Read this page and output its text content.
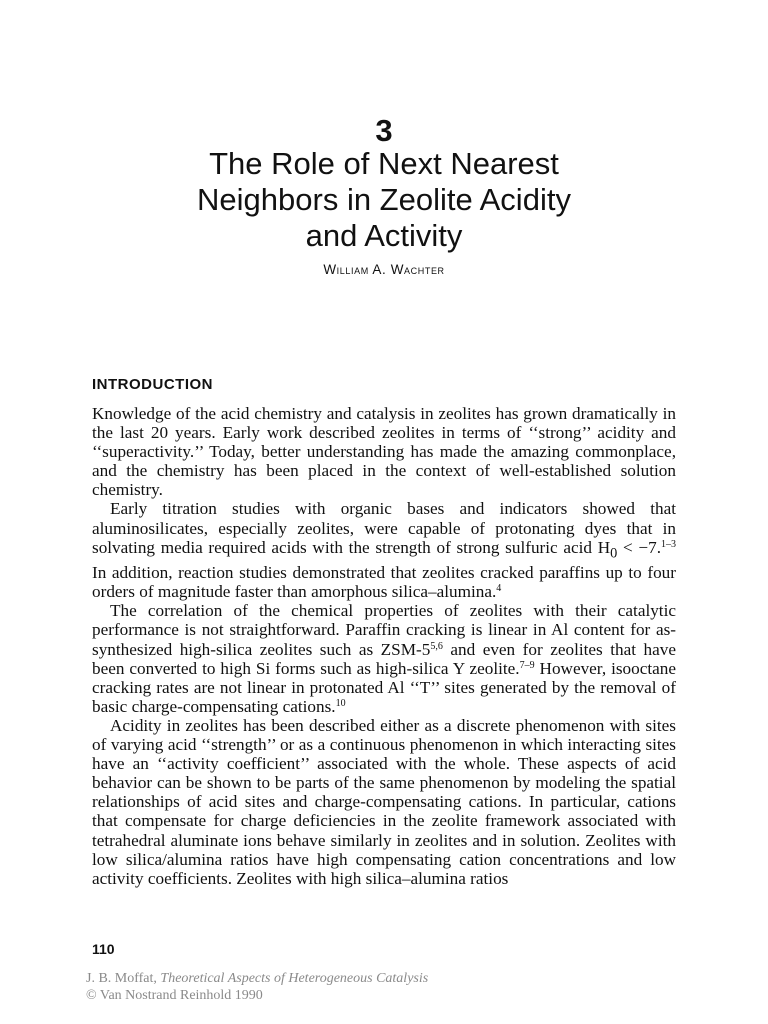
3
The Role of Next Nearest
Neighbors in Zeolite Acidity
and Activity
William A. Wachter
INTRODUCTION

Knowledge of the acid chemistry and catalysis in zeolites has grown dramatically in the last 20 years. Early work described zeolites in terms of ‘‘strong’’ acidity and ‘‘superactivity.’’ Today, better understanding has made the amazing commonplace, and the chemistry has been placed in the context of well-established solution chemistry.

Early titration studies with organic bases and indicators showed that aluminosilicates, especially zeolites, were capable of protonating dyes that in solvating media required acids with the strength of strong sulfuric acid $H_0 < -7.^{1-3}$ In addition, reaction studies demonstrated that zeolites cracked paraffins up to four orders of magnitude faster than amorphous silica–alumina.$^4$

The correlation of the chemical properties of zeolites with their catalytic performance is not straightforward. Paraffin cracking is linear in Al content for as-synthesized high-silica zeolites such as ZSM-5$^{5,6}$ and even for zeolites that have been converted to high Si forms such as high-silica Y zeolite.$^{7-9}$ However, isooctane cracking rates are not linear in protonated Al ‘‘T’’ sites generated by the removal of basic charge-compensating cations.$^{10}$

Acidity in zeolites has been described either as a discrete phenomenon with sites of varying acid ‘‘strength’’ or as a continuous phenomenon in which interacting sites have an ‘‘activity coefficient’’ associated with the whole. These aspects of acid behavior can be shown to be parts of the same phenomenon by modeling the spatial relationships of acid sites and charge-compensating cations. In particular, cations that compensate for charge deficiencies in the zeolite framework associated with tetrahedral aluminate ions behave similarly in zeolites and in solution. Zeolites with low silica/alumina ratios have high compensating cation concentrations and low activity coefficients. Zeolites with high silica–alumina ratios

110
J. B. Moffat, Theoretical Aspects of Heterogeneous Catalysis
© Van Nostrand Reinhold 1990
